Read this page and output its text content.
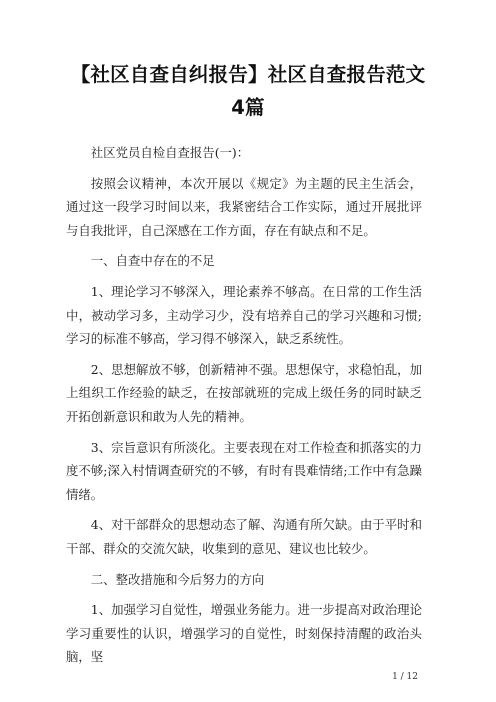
【社区自查自纠报告】社区自查报告范文4篇

社区党员自检自查报告(一)：

按照会议精神，本次开展以《规定》为主题的民主生活会，通过这一段学习时间以来，我紧密结合工作实际，通过开展批评与自我批评，自己深感在工作方面，存在有缺点和不足。

一、自查中存在的不足

1、理论学习不够深入，理论素养不够高。在日常的工作生活中，被动学习多，主动学习少，没有培养自己的学习兴趣和习惯;学习的标准不够高，学习得不够深入，缺乏系统性。

2、思想解放不够，创新精神不强。思想保守，求稳怕乱，加上组织工作经验的缺乏，在按部就班的完成上级任务的同时缺乏开拓创新意识和敢为人先的精神。

3、宗旨意识有所淡化。主要表现在对工作检查和抓落实的力度不够;深入村情调查研究的不够，有时有畏难情绪;工作中有急躁情绪。

4、对干部群众的思想动态了解、沟通有所欠缺。由于平时和干部、群众的交流欠缺，收集到的意见、建议也比较少。

二、整改措施和今后努力的方向

1、加强学习自觉性，增强业务能力。进一步提高对政治理论学习重要性的认识，增强学习的自觉性，时刻保持清醒的政治头脑，坚

1 / 12
